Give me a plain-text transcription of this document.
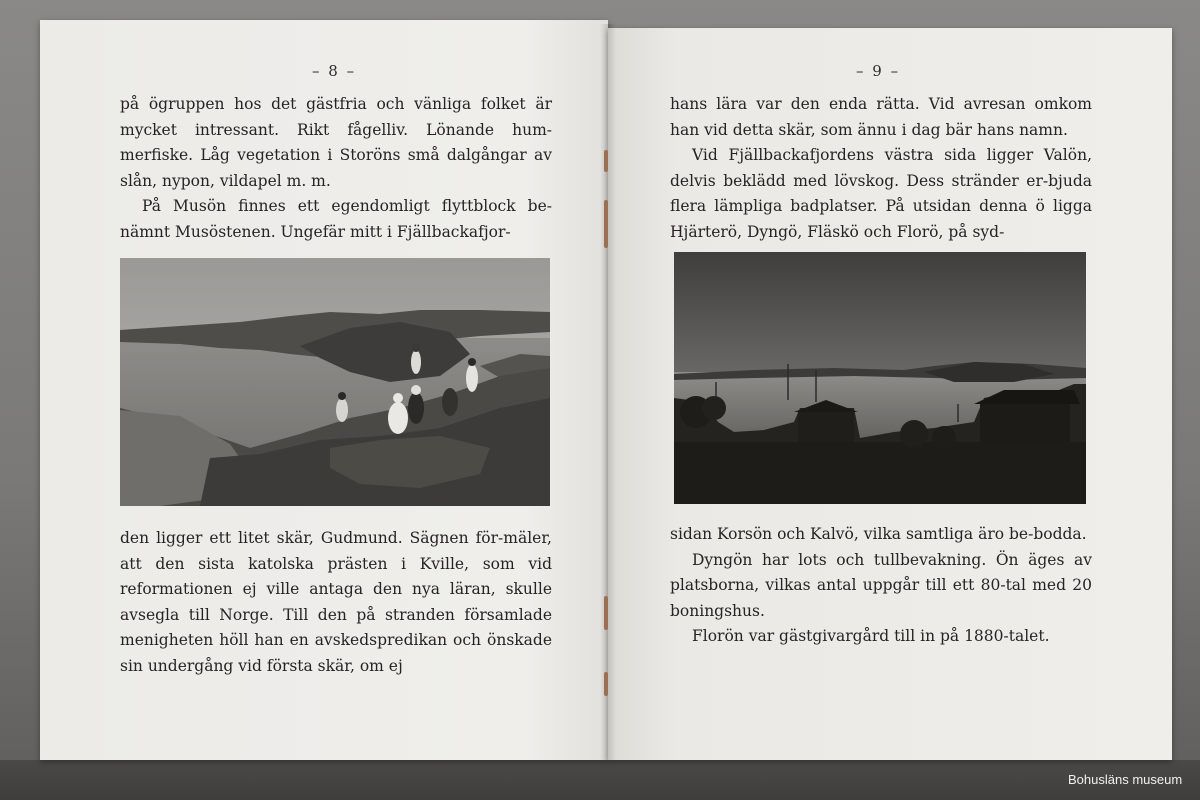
– 8 –

på ögruppen hos det gästfria och vänliga folket är mycket intressant. Rikt fågelliv. Lönande hum-merfiske. Låg vegetation i Storöns små dalgångar av slån, nypon, vildapel m. m.

På Musön finnes ett egendomligt flyttblock be-nämnt Musöstenen. Ungefär mitt i Fjällbackafjor-

den ligger ett litet skär, Gudmund. Sägnen för-mäler, att den sista katolska prästen i Kville, som vid reformationen ej ville antaga den nya läran, skulle avsegla till Norge. Till den på stranden församlade menigheten höll han en avskedspredikan och önskade sin undergång vid första skär, om ej

– 9 –

hans lära var den enda rätta. Vid avresan omkom han vid detta skär, som ännu i dag bär hans namn.

Vid Fjällbackafjordens västra sida ligger Valön, delvis beklädd med lövskog. Dess stränder er-bjuda flera lämpliga badplatser. På utsidan denna ö ligga Hjärterö, Dyngö, Fläskö och Florö, på syd-

sidan Korsön och Kalvö, vilka samtliga äro be-bodda.

Dyngön har lots och tullbevakning. Ön äges av platsborna, vilkas antal uppgår till ett 80-tal med 20 boningshus.

Florön var gästgivargård till in på 1880-talet.

Bohusläns museum
